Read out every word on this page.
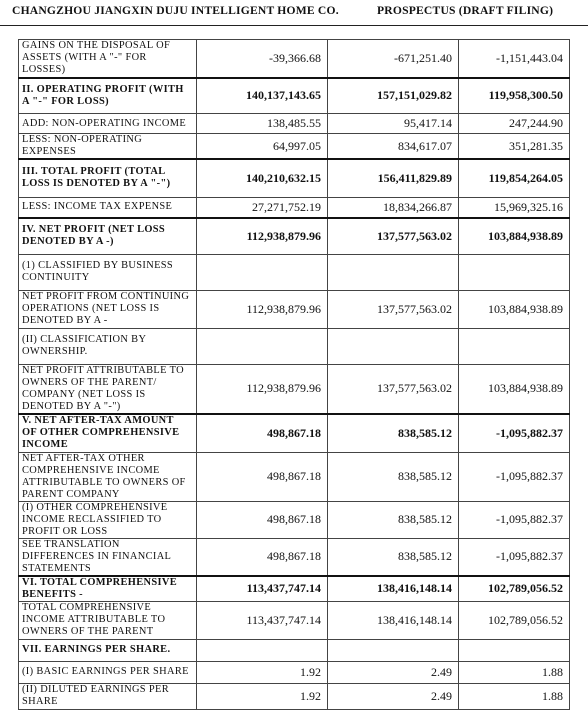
CHANGZHOU JIANGXIN DUJU INTELLIGENT HOME CO.	PROSPECTUS (DRAFT FILING)
GAINS ON THE DISPOSAL OF ASSETS (WITH A "-" FOR LOSSES)	-39,366.68	-671,251.40	-1,151,443.04
II. OPERATING PROFIT (WITH A "-" FOR LOSS)	140,137,143.65	157,151,029.82	119,958,300.50
ADD: NON-OPERATING INCOME	138,485.55	95,417.14	247,244.90
LESS: NON-OPERATING EXPENSES	64,997.05	834,617.07	351,281.35
III. TOTAL PROFIT (TOTAL LOSS IS DENOTED BY A "-")	140,210,632.15	156,411,829.89	119,854,264.05
LESS: INCOME TAX EXPENSE	27,271,752.19	18,834,266.87	15,969,325.16
IV. NET PROFIT (NET LOSS DENOTED BY A -)	112,938,879.96	137,577,563.02	103,884,938.89
(1) CLASSIFIED BY BUSINESS CONTINUITY			
NET PROFIT FROM CONTINUING OPERATIONS (NET LOSS IS DENOTED BY A -	112,938,879.96	137,577,563.02	103,884,938.89
(II) CLASSIFICATION BY OWNERSHIP.			
NET PROFIT ATTRIBUTABLE TO OWNERS OF THE PARENT/ COMPANY (NET LOSS IS DENOTED BY A "-")	112,938,879.96	137,577,563.02	103,884,938.89
V. NET AFTER-TAX AMOUNT OF OTHER COMPREHENSIVE INCOME	498,867.18	838,585.12	-1,095,882.37
NET AFTER-TAX OTHER COMPREHENSIVE INCOME ATTRIBUTABLE TO OWNERS OF PARENT COMPANY	498,867.18	838,585.12	-1,095,882.37
(I) OTHER COMPREHENSIVE INCOME RECLASSIFIED TO PROFIT OR LOSS	498,867.18	838,585.12	-1,095,882.37
SEE TRANSLATION DIFFERENCES IN FINANCIAL STATEMENTS	498,867.18	838,585.12	-1,095,882.37
VI. TOTAL COMPREHENSIVE BENEFITS -	113,437,747.14	138,416,148.14	102,789,056.52
TOTAL COMPREHENSIVE INCOME ATTRIBUTABLE TO OWNERS OF THE PARENT	113,437,747.14	138,416,148.14	102,789,056.52
VII. EARNINGS PER SHARE.			
(I) BASIC EARNINGS PER SHARE	1.92	2.49	1.88
(II) DILUTED EARNINGS PER SHARE	1.92	2.49	1.88
